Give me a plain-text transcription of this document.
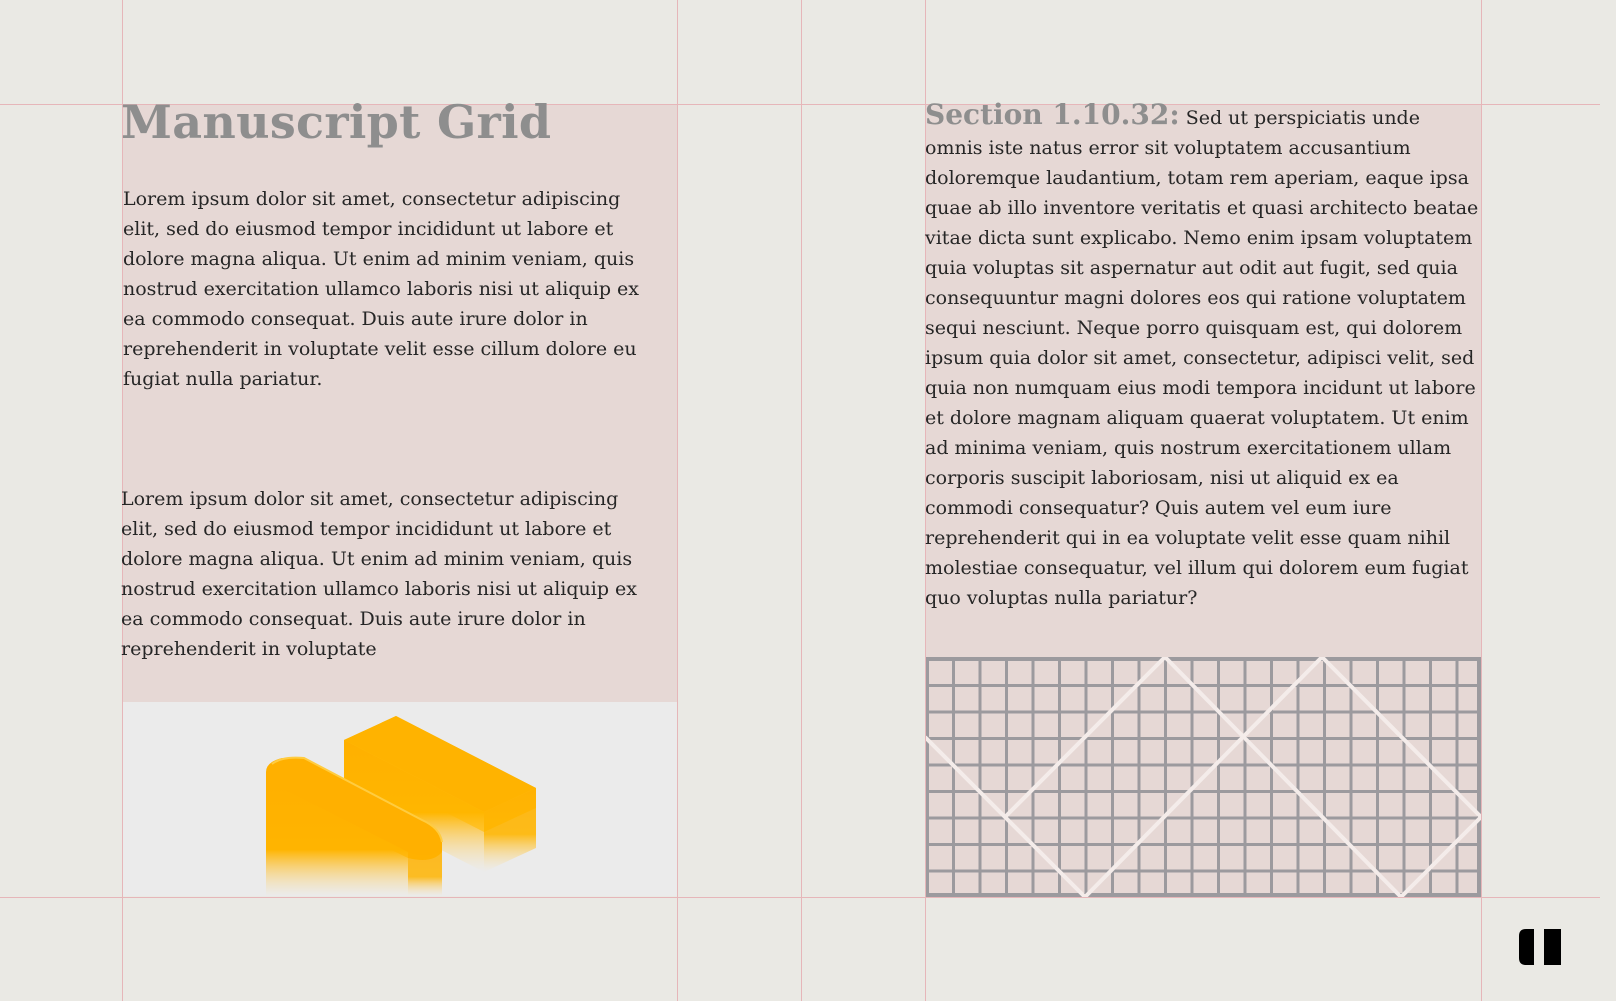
Manuscript Grid

Lorem ipsum dolor sit amet, consectetur adipiscing elit, sed do eiusmod tempor incididunt ut labore et dolore magna aliqua. Ut enim ad minim veniam, quis nostrud exercitation ullamco laboris nisi ut aliquip ex ea commodo consequat. Duis aute irure dolor in reprehenderit in voluptate velit esse cillum dolore eu fugiat nulla pariatur.

Lorem ipsum dolor sit amet, consectetur adipiscing elit, sed do eiusmod tempor incididunt ut labore et dolore magna aliqua. Ut enim ad minim veniam, quis nostrud exercitation ullamco laboris nisi ut aliquip ex ea commodo consequat. Duis aute irure dolor in reprehenderit in voluptate

Section 1.10.32: Sed ut perspiciatis unde omnis iste natus error sit voluptatem accusantium doloremque laudantium, totam rem aperiam, eaque ipsa quae ab illo inventore veritatis et quasi architecto beatae vitae dicta sunt explicabo. Nemo enim ipsam voluptatem quia voluptas sit aspernatur aut odit aut fugit, sed quia consequuntur magni dolores eos qui ratione voluptatem sequi nesciunt. Neque porro quisquam est, qui dolorem ipsum quia dolor sit amet, consectetur, adipisci velit, sed quia non numquam eius modi tempora incidunt ut labore et dolore magnam aliquam quaerat voluptatem. Ut enim ad minima veniam, quis nostrum exercitationem ullam corporis suscipit laboriosam, nisi ut aliquid ex ea commodi consequatur? Quis autem vel eum iure reprehenderit qui in ea voluptate velit esse quam nihil molestiae consequatur, vel illum qui dolorem eum fugiat quo voluptas nulla pariatur?
